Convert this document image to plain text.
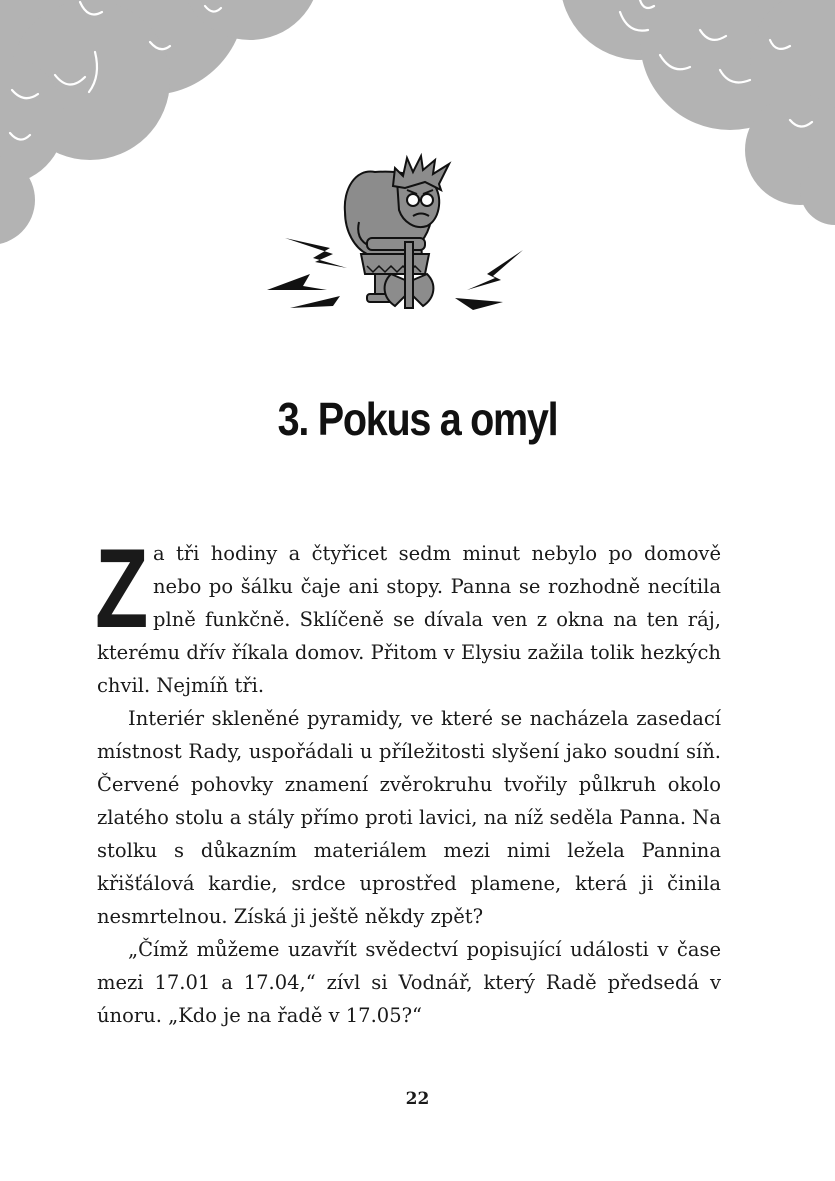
3. Pokus a omyl

Za tři hodiny a čtyřicet sedm minut nebylo po domově nebo po šálku čaje ani stopy. Panna se rozhodně necítila plně funkčně. Sklíčeně se dívala ven z okna na ten ráj, kterému dřív říkala domov. Přitom v Elysiu zažila tolik hezkých chvil. Nejmíň tři.

Interiér skleněné pyramidy, ve které se nacházela zasedací místnost Rady, uspořádali u příležitosti slyšení jako soudní síň. Červené pohovky znamení zvěrokruhu tvořily půlkruh okolo zlatého stolu a stály přímo proti lavici, na níž seděla Panna. Na stolku s důkazním materiálem mezi nimi ležela Pannina křišťálová kardie, srdce uprostřed plamene, která ji činila nesmrtelnou. Získá ji ještě někdy zpět?

„Čímž můžeme uzavřít svědectví popisující události v čase mezi 17.01 a 17.04,“ zívl si Vodnář, který Radě předsedá v únoru. „Kdo je na řadě v 17.05?“

22
